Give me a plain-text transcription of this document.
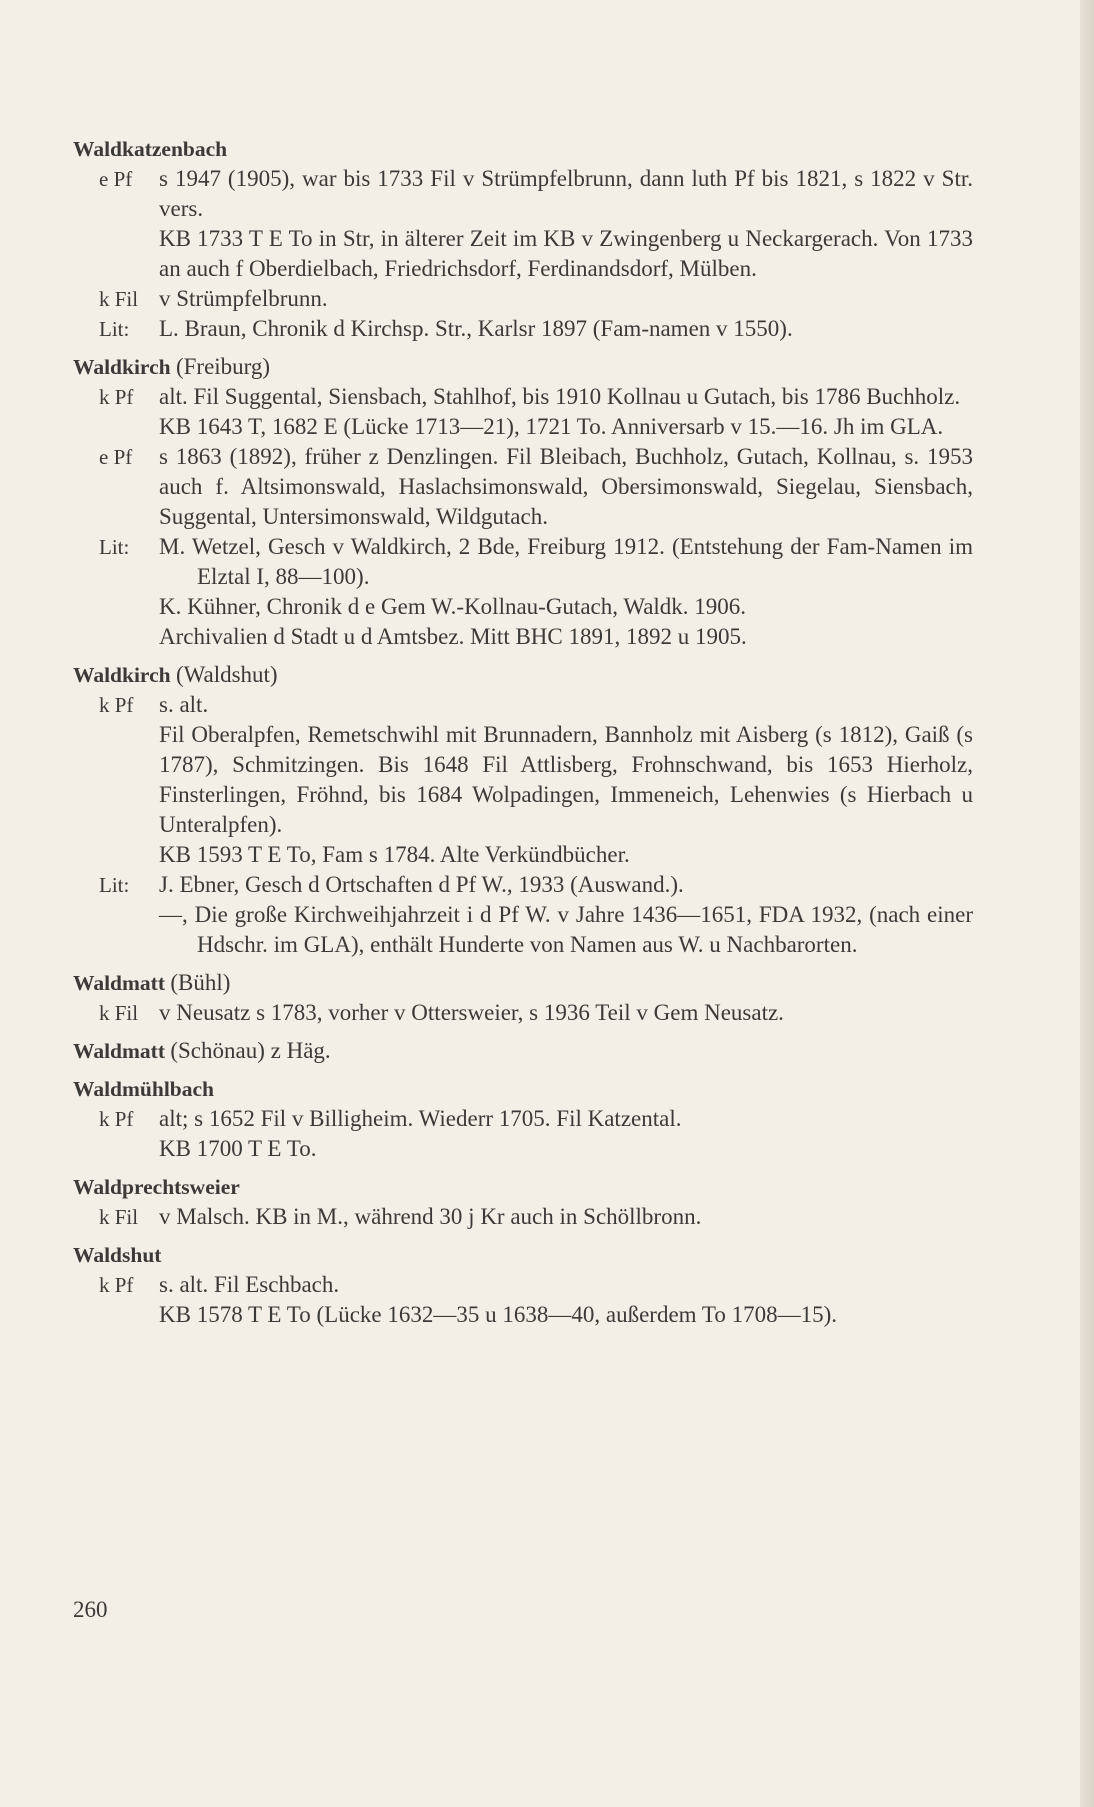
Waldkatzenbach
e Pf	s 1947 (1905), war bis 1733 Fil v Strümpfelbrunn, dann luth Pf bis 1821, s 1822 v Str. vers.

KB 1733 T E To in Str, in älterer Zeit im KB v Zwingenberg u Neckargerach. Von 1733 an auch f Oberdielbach, Friedrichsdorf, Ferdinandsdorf, Mülben.

k Fil v Strümpfelbrunn.

Lit:	L. Braun, Chronik d Kirchsp. Str., Karlsr 1897 (Fam-namen v 1550).

Waldkirch (Freiburg)
k Pf	alt. Fil Suggental, Siensbach, Stahlhof, bis 1910 Kollnau u Gutach, bis 1786 Buchholz.

KB 1643 T, 1682 E (Lücke 1713—21), 1721 To. Anniversarb v 15.—16. Jh im GLA.

e Pf	s 1863 (1892), früher z Denzlingen. Fil Bleibach, Buchholz, Gutach, Kollnau, s. 1953 auch f. Altsimonswald, Haslachsimonswald, Obersimonswald, Siegelau, Siensbach, Suggental, Untersimonswald, Wildgutach.

Lit:	M. Wetzel, Gesch v Waldkirch, 2 Bde, Freiburg 1912. (Entstehung der Fam-Namen im Elztal I, 88—100).

K. Kühner, Chronik d e Gem W.-Kollnau-Gutach, Waldk. 1906.

Archivalien d Stadt u d Amtsbez. Mitt BHC 1891, 1892 u 1905.

Waldkirch (Waldshut)
k Pf	s. alt.

Fil Oberalpfen, Remetschwihl mit Brunnadern, Bannholz mit Aisberg (s 1812), Gaiß (s 1787), Schmitzingen. Bis 1648 Fil Attlisberg, Frohnschwand, bis 1653 Hierholz, Finsterlingen, Fröhnd, bis 1684 Wolpadingen, Immeneich, Lehenwies (s Hierbach u Unteralpfen).

KB 1593 T E To, Fam s 1784. Alte Verkündbücher.

Lit:	J. Ebner, Gesch d Ortschaften d Pf W., 1933 (Auswand.).

—, Die große Kirchweihjahrzeit i d Pf W. v Jahre 1436—1651, FDA 1932, (nach einer Hdschr. im GLA), enthält Hunderte von Namen aus W. u Nachbarorten.

Waldmatt (Bühl)
k Fil v Neusatz s 1783, vorher v Ottersweier, s 1936 Teil v Gem Neusatz.

Waldmatt (Schönau) z Häg.
Waldmühlbach
k Pf	alt; s 1652 Fil v Billigheim. Wiederr 1705. Fil Katzental.

KB 1700 T E To.

Waldprechtsweier
k Fil v Malsch. KB in M., während 30 j Kr auch in Schöllbronn.

Waldshut
k Pf	s. alt. Fil Eschbach.

KB 1578 T E To (Lücke 1632—35 u 1638—40, außerdem To 1708—15).

260
